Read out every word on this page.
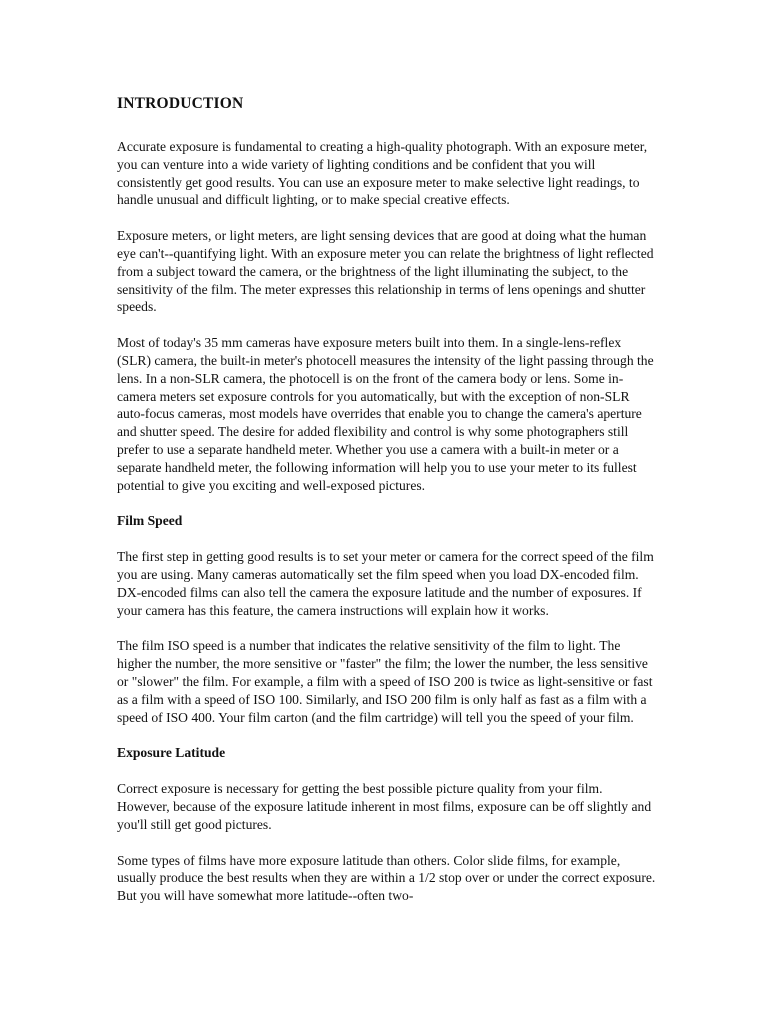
INTRODUCTION

Accurate exposure is fundamental to creating a high-quality photograph. With an exposure meter, you can venture into a wide variety of lighting conditions and be confident that you will consistently get good results. You can use an exposure meter to make selective light readings, to handle unusual and difficult lighting, or to make special creative effects.

Exposure meters, or light meters, are light sensing devices that are good at doing what the human eye can't--quantifying light. With an exposure meter you can relate the brightness of light reflected from a subject toward the camera, or the brightness of the light illuminating the subject, to the sensitivity of the film. The meter expresses this relationship in terms of lens openings and shutter speeds.

Most of today's 35 mm cameras have exposure meters built into them. In a single-lens-reflex (SLR) camera, the built-in meter's photocell measures the intensity of the light passing through the lens. In a non-SLR camera, the photocell is on the front of the camera body or lens. Some in-camera meters set exposure controls for you automatically, but with the exception of non-SLR auto-focus cameras, most models have overrides that enable you to change the camera's aperture and shutter speed. The desire for added flexibility and control is why some photographers still prefer to use a separate handheld meter. Whether you use a camera with a built-in meter or a separate handheld meter, the following information will help you to use your meter to its fullest potential to give you exciting and well-exposed pictures.

Film Speed

The first step in getting good results is to set your meter or camera for the correct speed of the film you are using. Many cameras automatically set the film speed when you load DX-encoded film. DX-encoded films can also tell the camera the exposure latitude and the number of exposures. If your camera has this feature, the camera instructions will explain how it works.

The film ISO speed is a number that indicates the relative sensitivity of the film to light. The higher the number, the more sensitive or "faster" the film; the lower the number, the less sensitive or "slower" the film. For example, a film with a speed of ISO 200 is twice as light-sensitive or fast as a film with a speed of ISO 100. Similarly, and ISO 200 film is only half as fast as a film with a speed of ISO 400. Your film carton (and the film cartridge) will tell you the speed of your film.

Exposure Latitude

Correct exposure is necessary for getting the best possible picture quality from your film. However, because of the exposure latitude inherent in most films, exposure can be off slightly and you'll still get good pictures.

Some types of films have more exposure latitude than others. Color slide films, for example, usually produce the best results when they are within a 1/2 stop over or under the correct exposure. But you will have somewhat more latitude--often two-
